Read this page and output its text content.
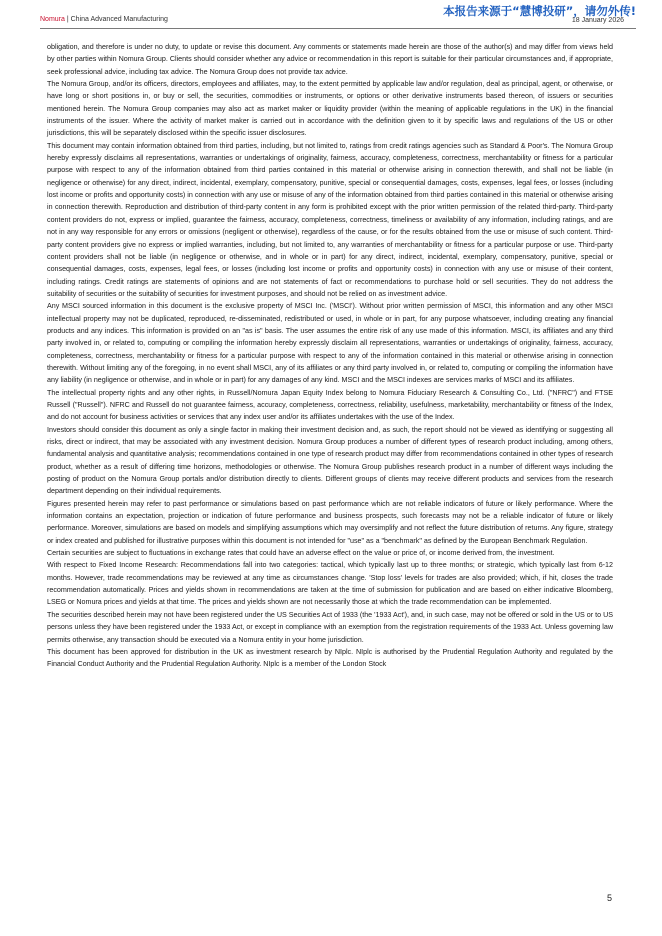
Nomura | China Advanced Manufacturing
本报告来源于“慧博投研”，请勿外传!
18 January 2026

obligation, and therefore is under no duty, to update or revise this document. Any comments or statements made herein are those of the author(s) and may differ from views held by other parties within Nomura Group. Clients should consider whether any advice or recommendation in this report is suitable for their particular circumstances and, if appropriate, seek professional advice, including tax advice. The Nomura Group does not provide tax advice.

The Nomura Group, and/or its officers, directors, employees and affiliates, may, to the extent permitted by applicable law and/or regulation, deal as principal, agent, or otherwise, or have long or short positions in, or buy or sell, the securities, commodities or instruments, or options or other derivative instruments based thereon, of issuers or securities mentioned herein. The Nomura Group companies may also act as market maker or liquidity provider (within the meaning of applicable regulations in the UK) in the financial instruments of the issuer. Where the activity of market maker is carried out in accordance with the definition given to it by specific laws and regulations of the US or other jurisdictions, this will be separately disclosed within the specific issuer disclosures.

This document may contain information obtained from third parties, including, but not limited to, ratings from credit ratings agencies such as Standard & Poor's. The Nomura Group hereby expressly disclaims all representations, warranties or undertakings of originality, fairness, accuracy, completeness, correctness, merchantability or fitness for a particular purpose with respect to any of the information obtained from third parties contained in this material or otherwise arising in connection therewith, and shall not be liable (in negligence or otherwise) for any direct, indirect, incidental, exemplary, compensatory, punitive, special or consequential damages, costs, expenses, legal fees, or losses (including lost income or profits and opportunity costs) in connection with any use or misuse of any of the information obtained from third parties contained in this material or otherwise arising in connection therewith. Reproduction and distribution of third-party content in any form is prohibited except with the prior written permission of the related third-party. Third-party content providers do not, express or implied, guarantee the fairness, accuracy, completeness, correctness, timeliness or availability of any information, including ratings, and are not in any way responsible for any errors or omissions (negligent or otherwise), regardless of the cause, or for the results obtained from the use or misuse of such content. Third-party content providers give no express or implied warranties, including, but not limited to, any warranties of merchantability or fitness for a particular purpose or use. Third-party content providers shall not be liable (in negligence or otherwise, and in whole or in part) for any direct, indirect, incidental, exemplary, compensatory, punitive, special or consequential damages, costs, expenses, legal fees, or losses (including lost income or profits and opportunity costs) in connection with any use or misuse of their content, including ratings. Credit ratings are statements of opinions and are not statements of fact or recommendations to purchase hold or sell securities. They do not address the suitability of securities or the suitability of securities for investment purposes, and should not be relied on as investment advice.

Any MSCI sourced information in this document is the exclusive property of MSCI Inc. ('MSCI'). Without prior written permission of MSCI, this information and any other MSCI intellectual property may not be duplicated, reproduced, re-disseminated, redistributed or used, in whole or in part, for any purpose whatsoever, including creating any financial products and any indices. This information is provided on an "as is" basis. The user assumes the entire risk of any use made of this information. MSCI, its affiliates and any third party involved in, or related to, computing or compiling the information hereby expressly disclaim all representations, warranties or undertakings of originality, fairness, accuracy, completeness, correctness, merchantability or fitness for a particular purpose with respect to any of the information contained in this material or otherwise arising in connection therewith. Without limiting any of the foregoing, in no event shall MSCI, any of its affiliates or any third party involved in, or related to, computing or compiling the information have any liability (in negligence or otherwise, and in whole or in part) for any damages of any kind. MSCI and the MSCI indexes are services marks of MSCI and its affiliates.

The intellectual property rights and any other rights, in Russell/Nomura Japan Equity Index belong to Nomura Fiduciary Research & Consulting Co., Ltd. ("NFRC") and FTSE Russell ("Russell"). NFRC and Russell do not guarantee fairness, accuracy, completeness, correctness, reliability, usefulness, marketability, merchantability or fitness of the Index, and do not account for business activities or services that any index user and/or its affiliates undertakes with the use of the Index.

Investors should consider this document as only a single factor in making their investment decision and, as such, the report should not be viewed as identifying or suggesting all risks, direct or indirect, that may be associated with any investment decision. Nomura Group produces a number of different types of research product including, among others, fundamental analysis and quantitative analysis; recommendations contained in one type of research product may differ from recommendations contained in other types of research product, whether as a result of differing time horizons, methodologies or otherwise. The Nomura Group publishes research product in a number of different ways including the posting of product on the Nomura Group portals and/or distribution directly to clients. Different groups of clients may receive different products and services from the research department depending on their individual requirements.

Figures presented herein may refer to past performance or simulations based on past performance which are not reliable indicators of future or likely performance. Where the information contains an expectation, projection or indication of future performance and business prospects, such forecasts may not be a reliable indicator of future or likely performance. Moreover, simulations are based on models and simplifying assumptions which may oversimplify and not reflect the future distribution of returns. Any figure, strategy or index created and published for illustrative purposes within this document is not intended for "use" as a "benchmark" as defined by the European Benchmark Regulation.

Certain securities are subject to fluctuations in exchange rates that could have an adverse effect on the value or price of, or income derived from, the investment.

With respect to Fixed Income Research: Recommendations fall into two categories: tactical, which typically last up to three months; or strategic, which typically last from 6-12 months. However, trade recommendations may be reviewed at any time as circumstances change. 'Stop loss' levels for trades are also provided; which, if hit, closes the trade recommendation automatically. Prices and yields shown in recommendations are taken at the time of submission for publication and are based on either indicative Bloomberg, LSEG or Nomura prices and yields at that time. The prices and yields shown are not necessarily those at which the trade recommendation can be implemented.

The securities described herein may not have been registered under the US Securities Act of 1933 (the '1933 Act'), and, in such case, may not be offered or sold in the US or to US persons unless they have been registered under the 1933 Act, or except in compliance with an exemption from the registration requirements of the 1933 Act. Unless governing law permits otherwise, any transaction should be executed via a Nomura entity in your home jurisdiction.

This document has been approved for distribution in the UK as investment research by NIplc. NIplc is authorised by the Prudential Regulation Authority and regulated by the Financial Conduct Authority and the Prudential Regulation Authority. NIplc is a member of the London Stock

5
